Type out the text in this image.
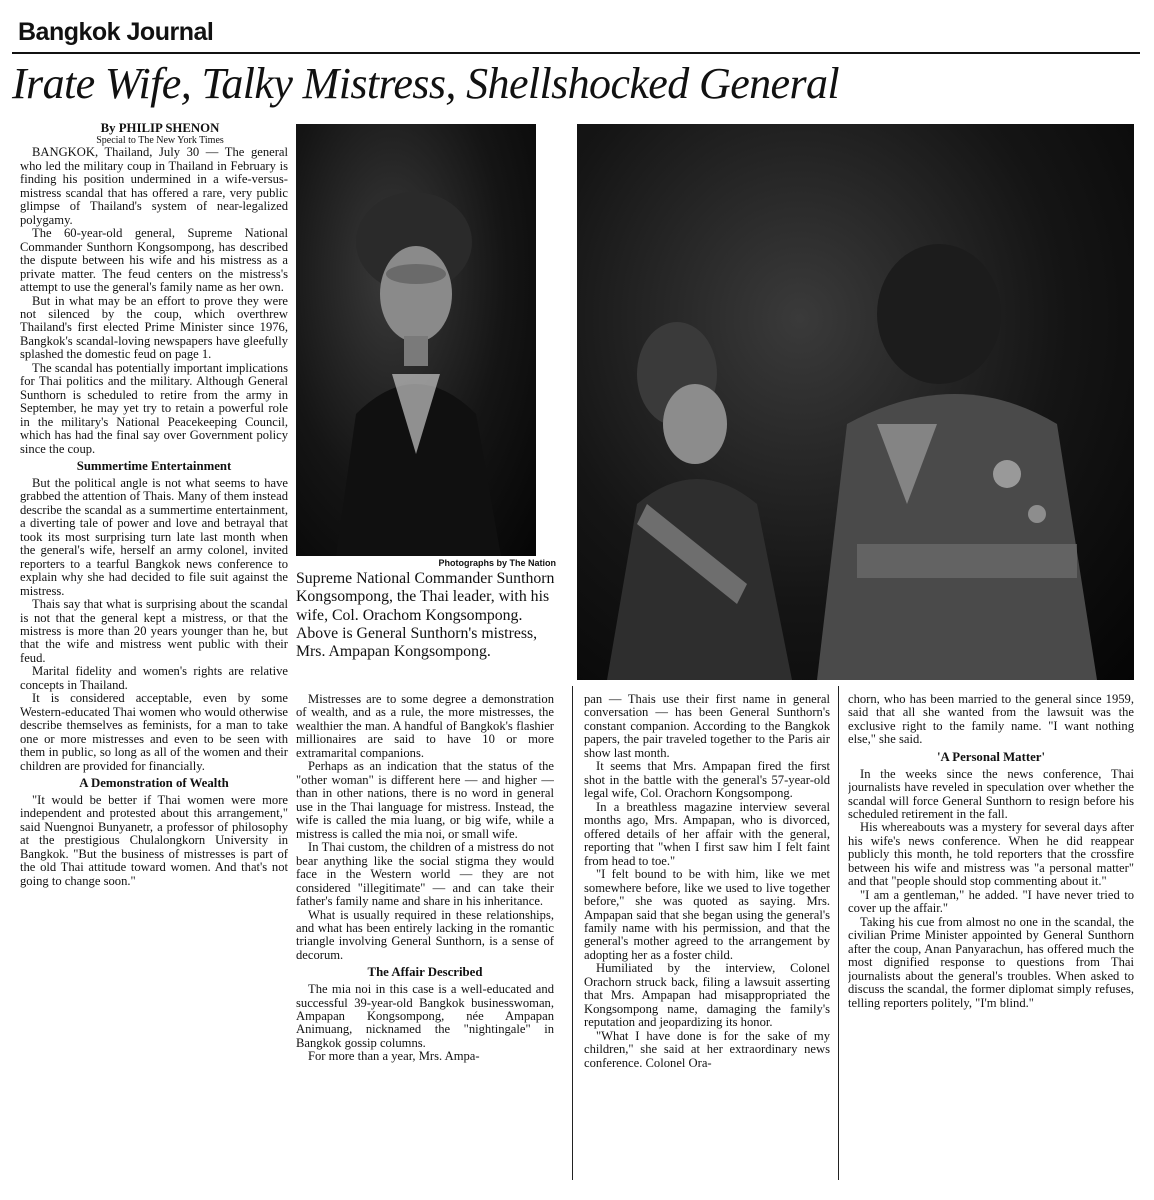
Bangkok Journal
Irate Wife, Talky Mistress, Shellshocked General

By PHILIP SHENON

Special to The New York Times

BANGKOK, Thailand, July 30 — The general who led the military coup in Thailand in February is finding his position undermined in a wife-versus-mistress scandal that has offered a rare, very public glimpse of Thailand's system of near-legalized polygamy.

The 60-year-old general, Supreme National Commander Sunthorn Kongsompong, has described the dispute between his wife and his mistress as a private matter. The feud centers on the mistress's attempt to use the general's family name as her own.

But in what may be an effort to prove they were not silenced by the coup, which overthrew Thailand's first elected Prime Minister since 1976, Bangkok's scandal-loving newspapers have gleefully splashed the domestic feud on page 1.

The scandal has potentially important implications for Thai politics and the military. Although General Sunthorn is scheduled to retire from the army in September, he may yet try to retain a powerful role in the military's National Peacekeeping Council, which has had the final say over Government policy since the coup.

Summertime Entertainment

But the political angle is not what seems to have grabbed the attention of Thais. Many of them instead describe the scandal as a summertime entertainment, a diverting tale of power and love and betrayal that took its most surprising turn late last month when the general's wife, herself an army colonel, invited reporters to a tearful Bangkok news conference to explain why she had decided to file suit against the mistress.

Thais say that what is surprising about the scandal is not that the general kept a mistress, or that the mistress is more than 20 years younger than he, but that the wife and mistress went public with their feud.

Marital fidelity and women's rights are relative concepts in Thailand.

It is considered acceptable, even by some Western-educated Thai women who would otherwise describe themselves as feminists, for a man to take one or more mistresses and even to be seen with them in public, so long as all of the women and their children are provided for financially.

A Demonstration of Wealth

"It would be better if Thai women were more independent and protested about this arrangement," said Nuengnoi Bunyanetr, a professor of philosophy at the prestigious Chulalongkorn University in Bangkok. "But the business of mistresses is part of the old Thai attitude toward women. And that's not going to change soon."

Photographs by The Nation
Supreme National Commander Sunthorn Kongsompong, the Thai leader, with his wife, Col. Orachom Kongsompong. Above is General Sunthorn's mistress, Mrs. Ampapan Kongsompong.

Mistresses are to some degree a demonstration of wealth, and as a rule, the more mistresses, the wealthier the man. A handful of Bangkok's flashier millionaires are said to have 10 or more extramarital companions.

Perhaps as an indication that the status of the "other woman" is different here — and higher — than in other nations, there is no word in general use in the Thai language for mistress. Instead, the wife is called the mia luang, or big wife, while a mistress is called the mia noi, or small wife.

In Thai custom, the children of a mistress do not bear anything like the social stigma they would face in the Western world — they are not considered "illegitimate" — and can take their father's family name and share in his inheritance.

What is usually required in these relationships, and what has been entirely lacking in the romantic triangle involving General Sunthorn, is a sense of decorum.

The Affair Described

The mia noi in this case is a well-educated and successful 39-year-old Bangkok businesswoman, Ampapan Kongsompong, née Ampapan Animuang, nicknamed the "nightingale" in Bangkok gossip columns.

For more than a year, Mrs. Ampa-

pan — Thais use their first name in general conversation — has been General Sunthorn's constant companion. According to the Bangkok papers, the pair traveled together to the Paris air show last month.

It seems that Mrs. Ampapan fired the first shot in the battle with the general's 57-year-old legal wife, Col. Orachorn Kongsompong.

In a breathless magazine interview several months ago, Mrs. Ampapan, who is divorced, offered details of her affair with the general, reporting that "when I first saw him I felt faint from head to toe."

"I felt bound to be with him, like we met somewhere before, like we used to live together before," she was quoted as saying. Mrs. Ampapan said that she began using the general's family name with his permission, and that the general's mother agreed to the arrangement by adopting her as a foster child.

Humiliated by the interview, Colonel Orachorn struck back, filing a lawsuit asserting that Mrs. Ampapan had misappropriated the Kongsompong name, damaging the family's reputation and jeopardizing its honor.

"What I have done is for the sake of my children," she said at her extraordinary news conference. Colonel Ora-

chorn, who has been married to the general since 1959, said that all she wanted from the lawsuit was the exclusive right to the family name. "I want nothing else," she said.

'A Personal Matter'

In the weeks since the news conference, Thai journalists have reveled in speculation over whether the scandal will force General Sunthorn to resign before his scheduled retirement in the fall.

His whereabouts was a mystery for several days after his wife's news conference. When he did reappear publicly this month, he told reporters that the crossfire between his wife and mistress was "a personal matter" and that "people should stop commenting about it."

"I am a gentleman," he added. "I have never tried to cover up the affair."

Taking his cue from almost no one in the scandal, the civilian Prime Minister appointed by General Sunthorn after the coup, Anan Panyarachun, has offered much the most dignified response to questions from Thai journalists about the general's troubles. When asked to discuss the scandal, the former diplomat simply refuses, telling reporters politely, "I'm blind."
